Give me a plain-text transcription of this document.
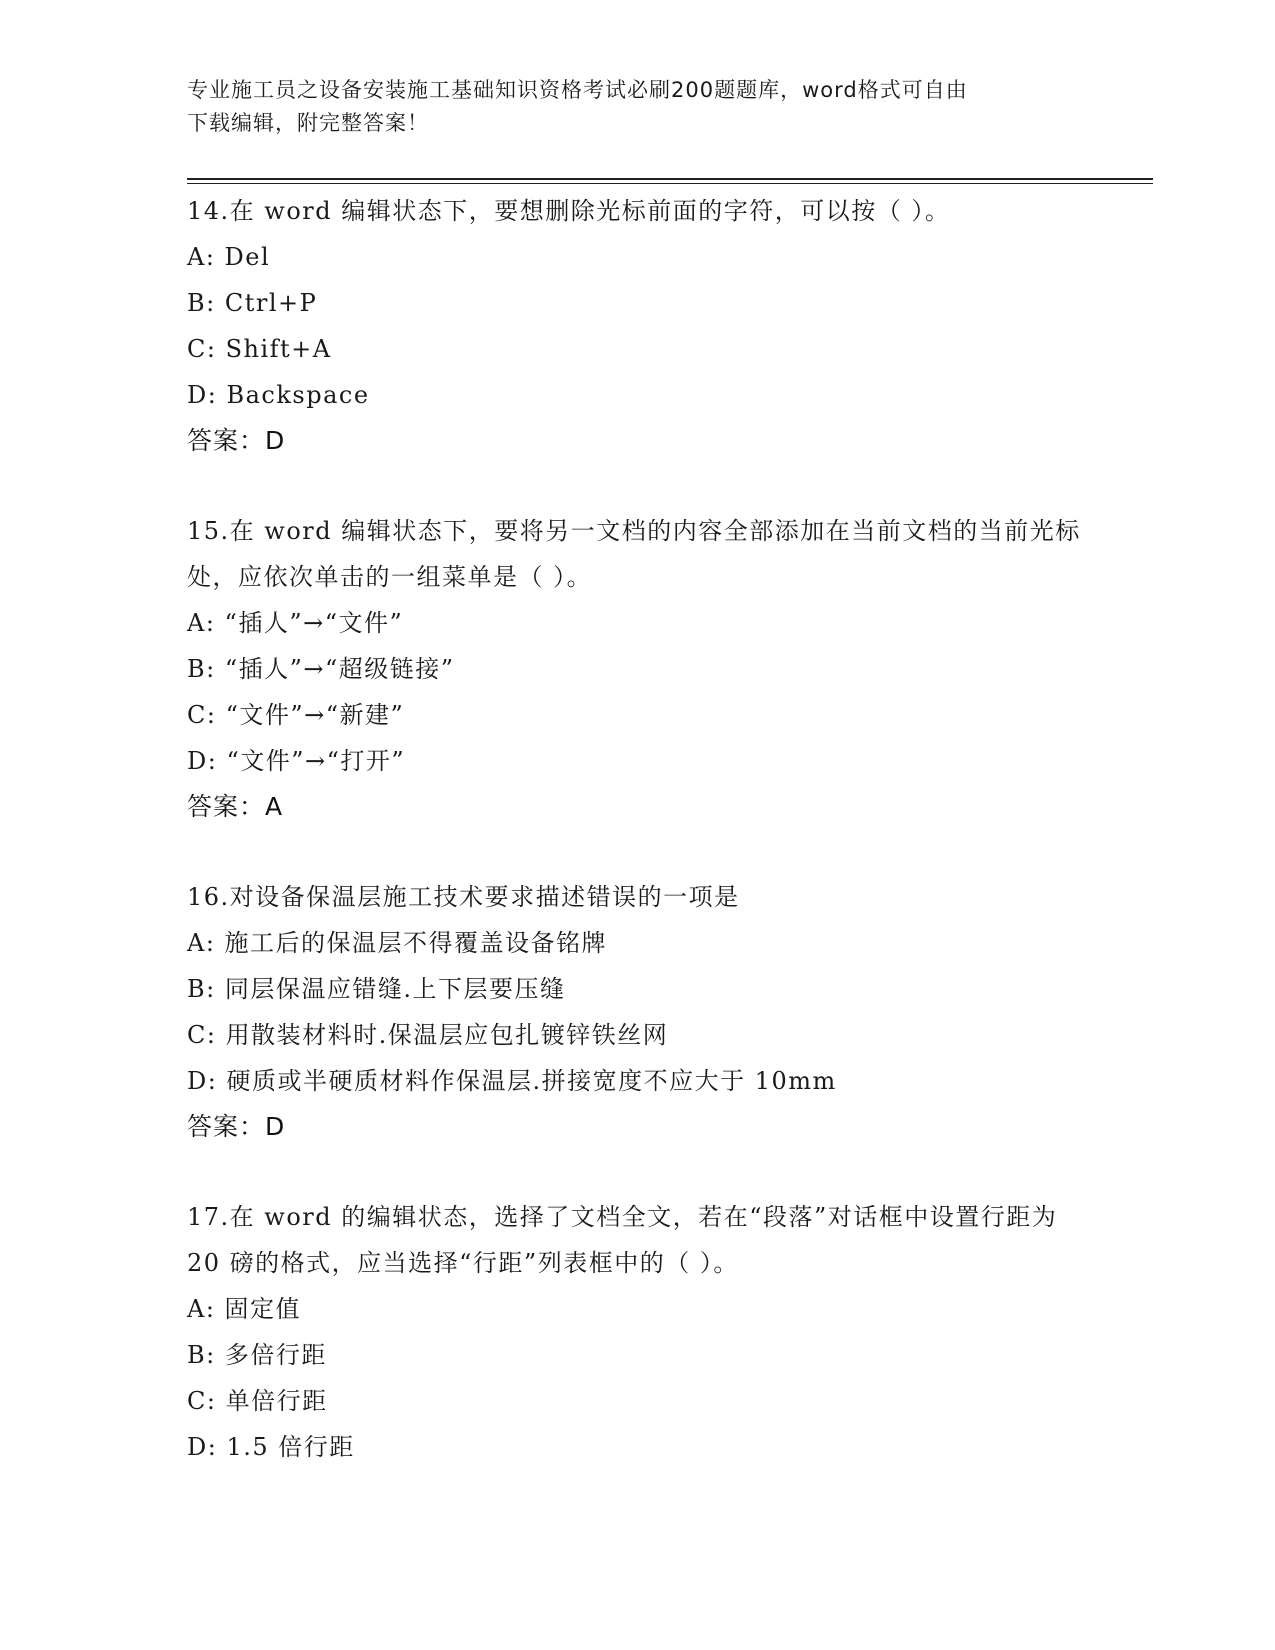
专业施工员之设备安装施工基础知识资格考试必刷200题题库，word格式可自由
下载编辑，附完整答案！
14.在 word 编辑状态下，要想删除光标前面的字符，可以按（ ）。
A: Del
B: Ctrl+P
C: Shift+A
D: Backspace
答案：D
15.在 word 编辑状态下，要将另一文档的内容全部添加在当前文档的当前光标处，应依次单击的一组菜单是（ ）。
A: “插人”→“文件”
B: “插人”→“超级链接”
C: “文件”→“新建”
D: “文件”→“打开”
答案：A
16.对设备保温层施工技术要求描述错误的一项是
A: 施工后的保温层不得覆盖设备铭牌
B: 同层保温应错缝.上下层要压缝
C: 用散装材料时.保温层应包扎镀锌铁丝网
D: 硬质或半硬质材料作保温层.拼接宽度不应大于 10mm
答案：D
17.在 word 的编辑状态，选择了文档全文，若在“段落”对话框中设置行距为 20 磅的格式，应当选择“行距”列表框中的（ ）。
A: 固定值
B: 多倍行距
C: 单倍行距
D: 1.5 倍行距
